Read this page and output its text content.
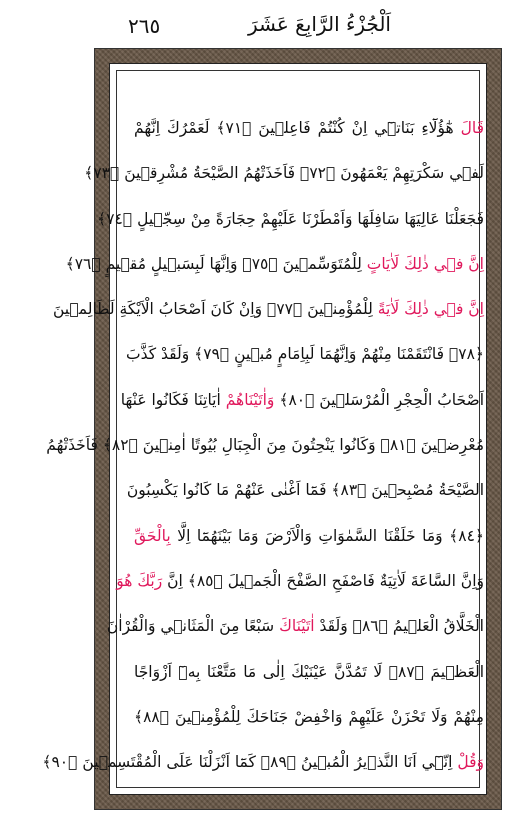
٢٦٥	اَلْجُزْءُ الرَّابِعَ عَشَرَ
قَالَ هٰٓؤُلَٓاءِ بَنَاتٖٓي اِنْ كُنْتُمْ فَاعِلٖينَ ﴿٧١﴾ لَعَمْرُكَ اِنَّهُمْ
لَفٖي سَكْرَتِهِمْ يَعْمَهُونَ ﴿٧٢﴾ فَاَخَذَتْهُمُ الصَّيْحَةُ مُشْرِقٖينَ ﴿٧٣﴾
فَجَعَلْنَا عَالِيَهَا سَافِلَهَا وَاَمْطَرْنَا عَلَيْهِمْ حِجَارَةً مِنْ سِجّٖيلٍ ﴿٧٤﴾
اِنَّ فٖي ذٰلِكَ لَاٰيَاتٍ لِلْمُتَوَسِّمٖينَ ﴿٧٥﴾ وَاِنَّهَا لَبِسَبٖيلٍ مُقٖيمٍ ﴿٧٦﴾
اِنَّ فٖي ذٰلِكَ لَاٰيَةً لِلْمُؤْمِنٖينَ ﴿٧٧﴾ وَاِنْ كَانَ اَصْحَابُ الْاَيْكَةِ لَظَالِمٖينَ
﴿٧٨﴾ فَانْتَقَمْنَا مِنْهُمْ وَاِنَّهُمَا لَبِاِمَامٍ مُبٖينٍ ﴿٧٩﴾ وَلَقَدْ كَذَّبَ
اَصْحَابُ الْحِجْرِ الْمُرْسَلٖينَ ﴿٨٠﴾ وَاٰتَيْنَاهُمْ اٰيَاتِنَا فَكَانُوا عَنْهَا
مُعْرِضٖينَ ﴿٨١﴾ وَكَانُوا يَنْحِتُونَ مِنَ الْجِبَالِ بُيُوتًا اٰمِنٖينَ ﴿٨٢﴾ فَاَخَذَتْهُمُ
الصَّيْحَةُ مُصْبِحٖينَ ﴿٨٣﴾ فَمَٓا اَغْنٰى عَنْهُمْ مَا كَانُوا يَكْسِبُونَ
﴿٨٤﴾ وَمَا خَلَقْنَا السَّمٰوَاتِ وَالْاَرْضَ وَمَا بَيْنَهُمَٓا اِلَّا بِالْحَقِّ
وَاِنَّ السَّاعَةَ لَاٰتِيَةٌ فَاصْفَحِ الصَّفْحَ الْجَمٖيلَ ﴿٨٥﴾ اِنَّ رَبَّكَ هُوَ
الْخَلَّاقُ الْعَلٖيمُ ﴿٨٦﴾ وَلَقَدْ اٰتَيْنَاكَ سَبْعًا مِنَ الْمَثَانٖي وَالْقُرْاٰنَ
الْعَظٖيمَ ﴿٨٧﴾ لَا تَمُدَّنَّ عَيْنَيْكَ اِلٰى مَا مَتَّعْنَا بِهٖٓ اَزْوَاجًا
مِنْهُمْ وَلَا تَحْزَنْ عَلَيْهِمْ وَاخْفِضْ جَنَاحَكَ لِلْمُؤْمِنٖينَ ﴿٨٨﴾
وَقُلْ اِنّٖٓي اَنَا النَّذٖيرُ الْمُبٖينُ ﴿٨٩﴾ كَمَٓا اَنْزَلْنَا عَلَى الْمُقْتَسِمٖينَ ﴿٩٠﴾
